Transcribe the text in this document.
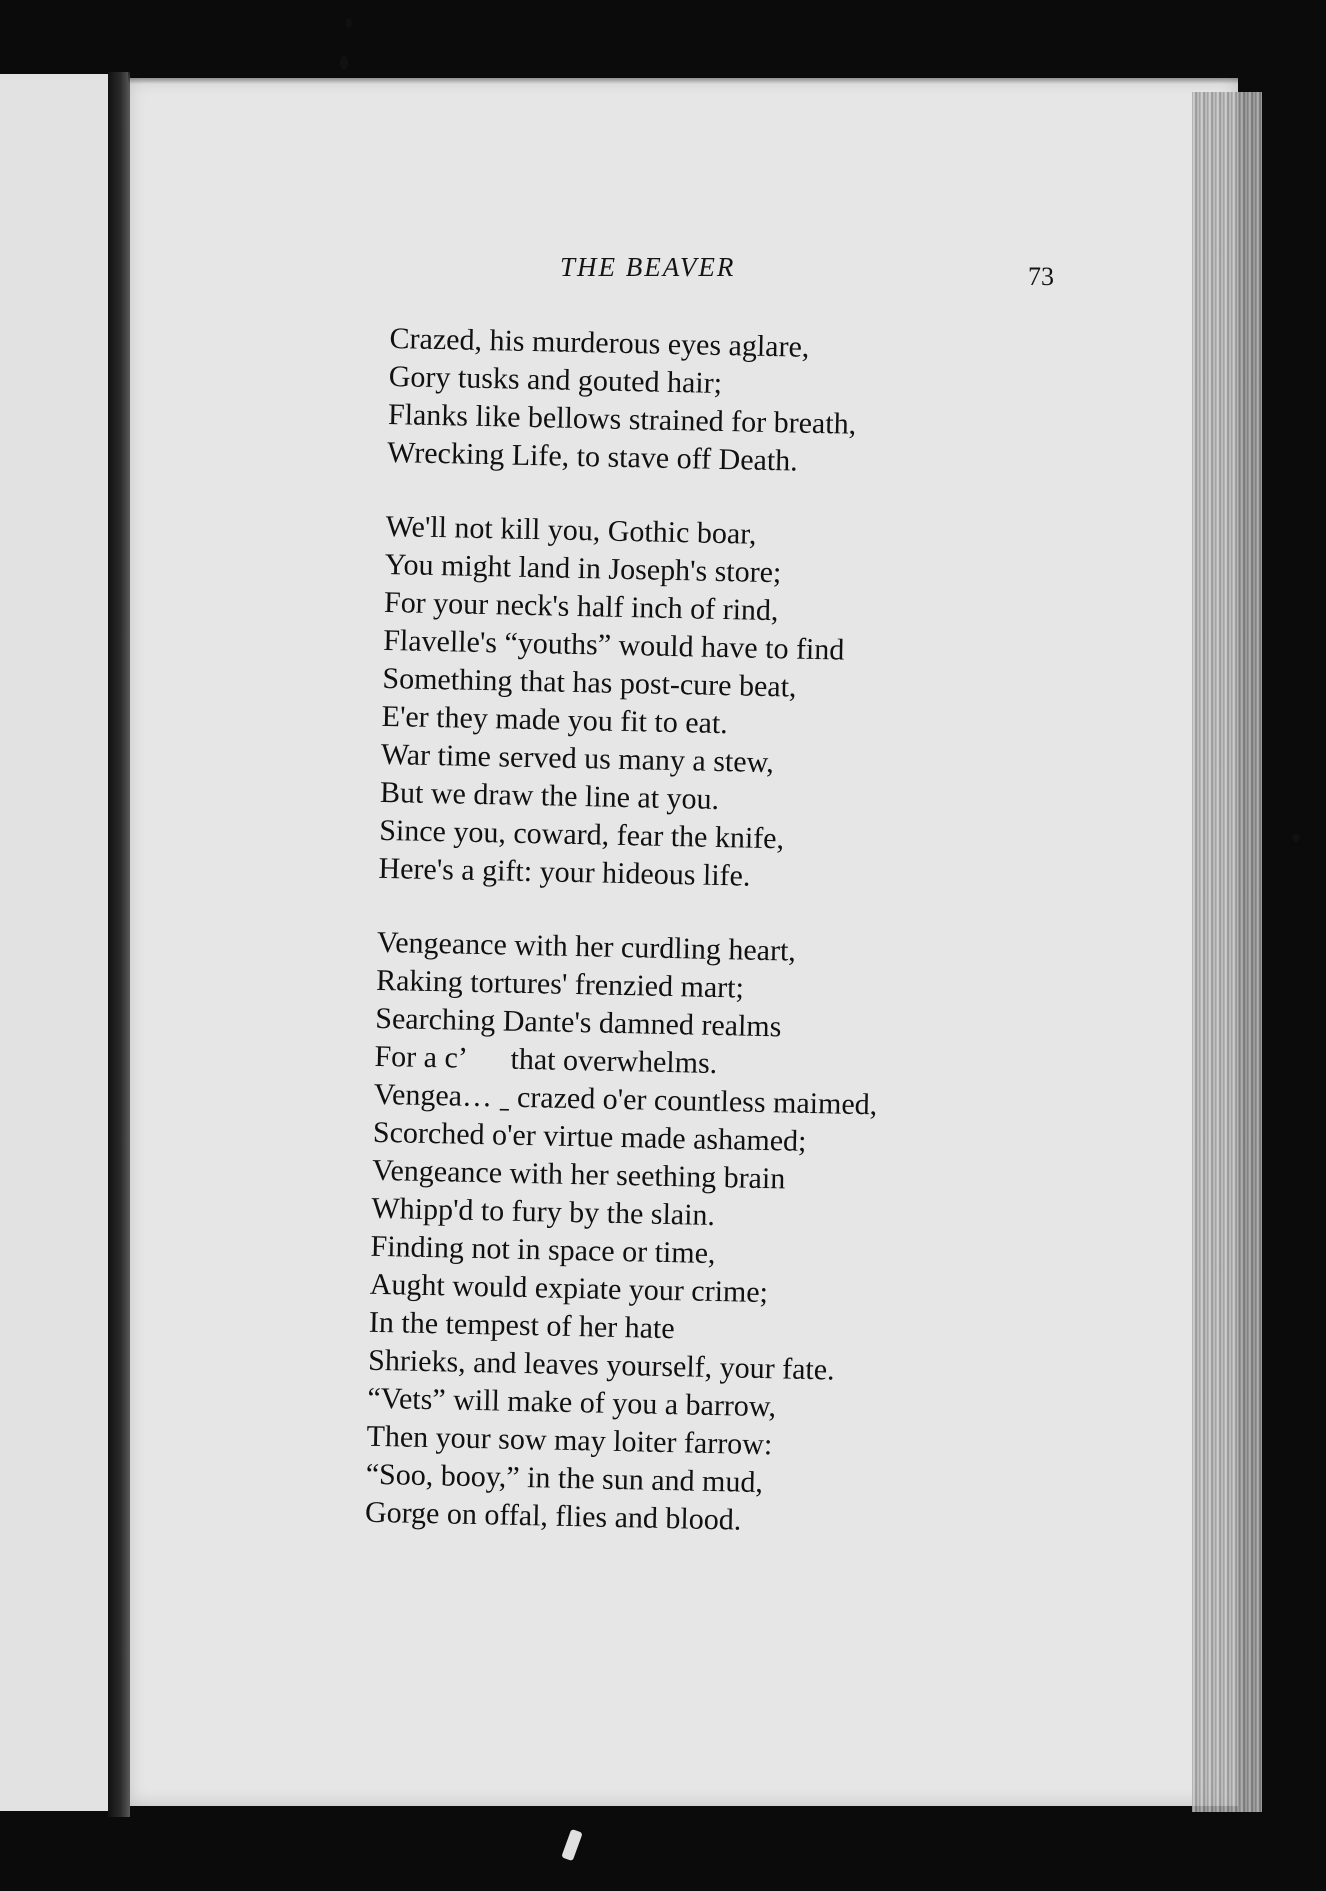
THE BEAVER	73
Crazed, his murderous eyes aglare,
Gory tusks and gouted hair;
Flanks like bellows strained for breath,
Wrecking Life, to stave off Death.
We'll not kill you, Gothic boar,
You might land in Joseph's store;
For your neck's half inch of rind,
Flavelle's “youths” would have to find
Something that has post-cure beat,
E'er they made you fit to eat.
War time served us many a stew,
But we draw the line at you.
Since you, coward, fear the knife,
Here's a gift: your hideous life.
Vengeance with her curdling heart,
Raking tortures' frenzied mart;
Searching Dante's damned realms
For a c’      that overwhelms.
Vengea… ˍ crazed o'er countless maimed,
Scorched o'er virtue made ashamed;
Vengeance with her seething brain
Whipp'd to fury by the slain.
Finding not in space or time,
Aught would expiate your crime;
In the tempest of her hate
Shrieks, and leaves yourself, your fate.
“Vets” will make of you a barrow,
Then your sow may loiter farrow:
“Soo, booy,” in the sun and mud,
Gorge on offal, flies and blood.
